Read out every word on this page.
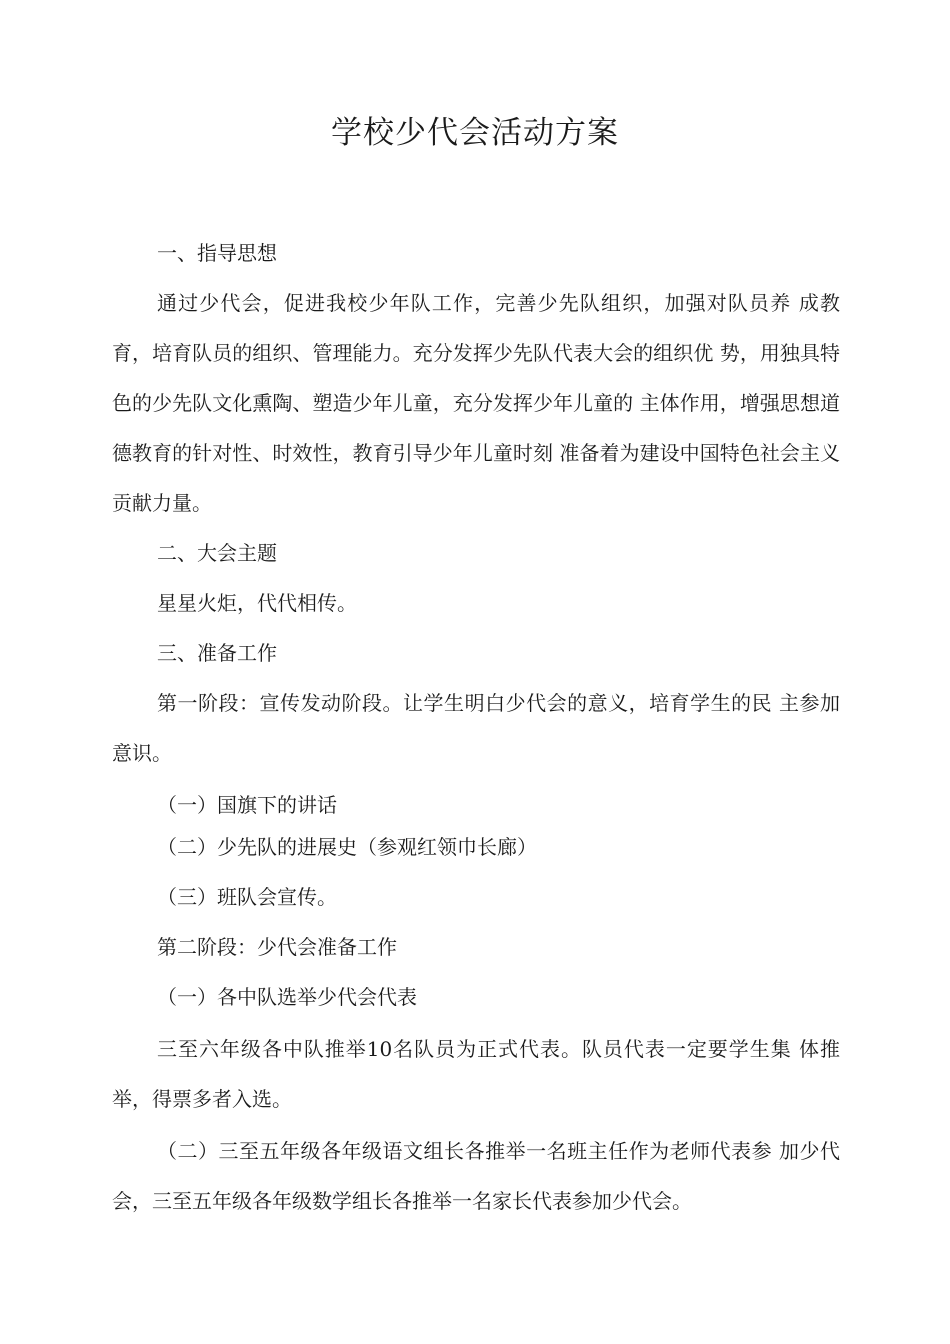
学校少代会活动方案
一、指导思想
通过少代会，促进我校少年队工作，完善少先队组织，加强对队员养 成教育，培育队员的组织、管理能力。充分发挥少先队代表大会的组织优 势，用独具特色的少先队文化熏陶、塑造少年儿童，充分发挥少年儿童的 主体作用，增强思想道德教育的针对性、时效性，教育引导少年儿童时刻 准备着为建设中国特色社会主义贡献力量。
二、大会主题
星星火炬，代代相传。
三、准备工作
第一阶段：宣传发动阶段。让学生明白少代会的意义，培育学生的民 主参加意识。
（一）国旗下的讲话
（二）少先队的进展史（参观红领巾长廊）
（三）班队会宣传。
第二阶段：少代会准备工作
（一）各中队选举少代会代表
三至六年级各中队推举10名队员为正式代表。队员代表一定要学生集 体推举，得票多者入选。
（二）三至五年级各年级语文组长各推举一名班主任作为老师代表参 加少代会，三至五年级各年级数学组长各推举一名家长代表参加少代会。
